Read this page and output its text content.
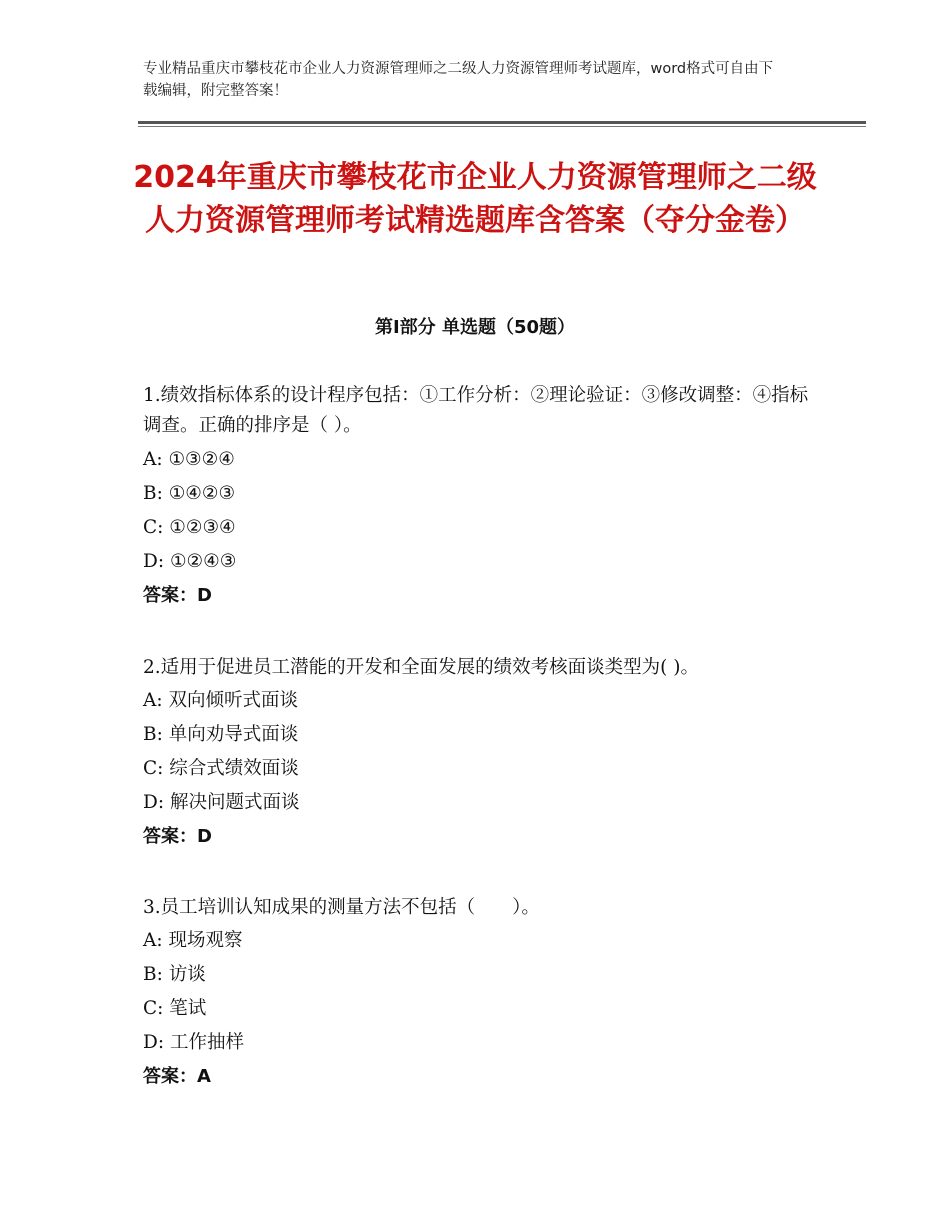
专业精品重庆市攀枝花市企业人力资源管理师之二级人力资源管理师考试题库，word格式可自由下载编辑，附完整答案！
2024年重庆市攀枝花市企业人力资源管理师之二级人力资源管理师考试精选题库含答案（夺分金卷）
第Ⅰ部分 单选题（50题）

1.绩效指标体系的设计程序包括：①工作分析：②理论验证：③修改调整：④指标调查。正确的排序是（ ）。

A: ①③②④

B: ①④②③

C: ①②③④

D: ①②④③

答案：D

2.适用于促进员工潜能的开发和全面发展的绩效考核面谈类型为( )。

A: 双向倾听式面谈

B: 单向劝导式面谈

C: 综合式绩效面谈

D: 解决问题式面谈

答案：D

3.员工培训认知成果的测量方法不包括（　　）。

A: 现场观察

B: 访谈

C: 笔试

D: 工作抽样

答案：A
